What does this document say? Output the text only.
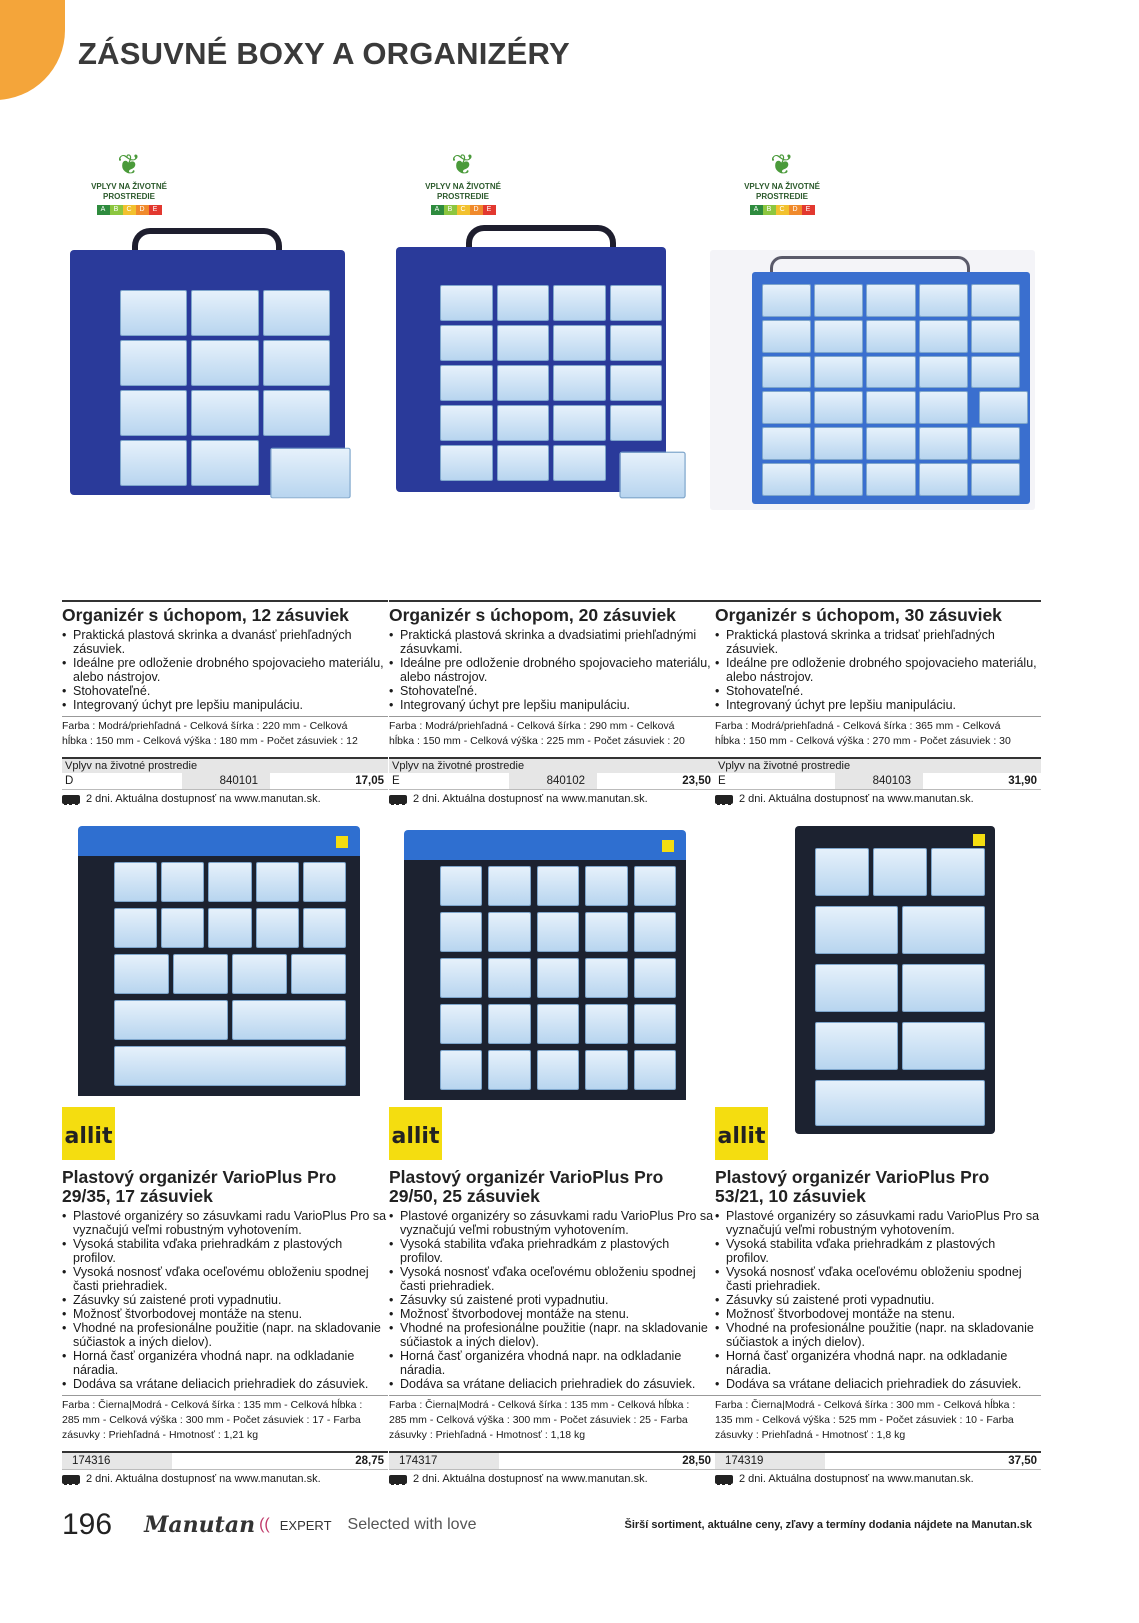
ZÁSUVNÉ BOXY A ORGANIZÉRY
❦
VPLYV NA ŽIVOTNÉ PROSTREDIE
A	B	C	D	E
❦
VPLYV NA ŽIVOTNÉ PROSTREDIE
A	B	C	D	E
❦
VPLYV NA ŽIVOTNÉ PROSTREDIE
A	B	C	D	E
Organizér s úchopom, 12 zásuviek
• Praktická plastová skrinka a dvanásť priehľadných zásuviek.
• Ideálne pre odloženie drobného spojovacieho materiálu, alebo nástrojov.
• Stohovateľné.
• Integrovaný úchyt pre lepšiu manipuláciu.
Farba : Modrá/priehľadná - Celková šírka : 220 mm - Celková
hĺbka : 150 mm - Celková výška : 180 mm - Počet zásuviek : 12
Vplyv na životné prostredie
D	840101	17,05
2 dni. Aktuálna dostupnosť na www.manutan.sk.
Organizér s úchopom, 20 zásuviek
• Praktická plastová skrinka a dvadsiatimi priehľadnými zásuvkami.
• Ideálne pre odloženie drobného spojovacieho materiálu, alebo nástrojov.
• Stohovateľné.
• Integrovaný úchyt pre lepšiu manipuláciu.
Farba : Modrá/priehľadná - Celková šírka : 290 mm - Celková
hĺbka : 150 mm - Celková výška : 225 mm - Počet zásuviek : 20
Vplyv na životné prostredie
E	840102	23,50
2 dni. Aktuálna dostupnosť na www.manutan.sk.
Organizér s úchopom, 30 zásuviek
• Praktická plastová skrinka a tridsať priehľadných zásuviek.
• Ideálne pre odloženie drobného spojovacieho materiálu, alebo nástrojov.
• Stohovateľné.
• Integrovaný úchyt pre lepšiu manipuláciu.
Farba : Modrá/priehľadná - Celková šírka : 365 mm - Celková
hĺbka : 150 mm - Celková výška : 270 mm - Počet zásuviek : 30
Vplyv na životné prostredie
E	840103	31,90
2 dni. Aktuálna dostupnosť na www.manutan.sk.
allit	allit	allit
Plastový organizér VarioPlus Pro
29/35, 17 zásuviek
• Plastové organizéry so zásuvkami radu VarioPlus Pro sa vyznačujú veľmi robustným vyhotovením.
• Vysoká stabilita vďaka priehradkám z plastových profilov.
• Vysoká nosnosť vďaka oceľovému obloženiu spodnej časti priehradiek.
• Zásuvky sú zaistené proti vypadnutiu.
• Možnosť štvorbodovej montáže na stenu.
• Vhodné na profesionálne použitie (napr. na skladovanie súčiastok a iných dielov).
• Horná časť organizéra vhodná napr. na odkladanie náradia.
• Dodáva sa vrátane deliacich priehradiek do zásuviek.
Farba : Čierna|Modrá - Celková šírka : 135 mm - Celková hĺbka :
285 mm - Celková výška : 300 mm - Počet zásuviek : 17 - Farba
zásuvky : Priehľadná - Hmotnosť : 1,21 kg
174316	28,75
2 dni. Aktuálna dostupnosť na www.manutan.sk.
Plastový organizér VarioPlus Pro
29/50, 25 zásuviek
• Plastové organizéry so zásuvkami radu VarioPlus Pro sa vyznačujú veľmi robustným vyhotovením.
• Vysoká stabilita vďaka priehradkám z plastových profilov.
• Vysoká nosnosť vďaka oceľovému obloženiu spodnej časti priehradiek.
• Zásuvky sú zaistené proti vypadnutiu.
• Možnosť štvorbodovej montáže na stenu.
• Vhodné na profesionálne použitie (napr. na skladovanie súčiastok a iných dielov).
• Horná časť organizéra vhodná napr. na odkladanie náradia.
• Dodáva sa vrátane deliacich priehradiek do zásuviek.
Farba : Čierna|Modrá - Celková šírka : 135 mm - Celková hĺbka :
285 mm - Celková výška : 300 mm - Počet zásuviek : 25 - Farba
zásuvky : Priehľadná - Hmotnosť : 1,18 kg
174317	28,50
2 dni. Aktuálna dostupnosť na www.manutan.sk.
Plastový organizér VarioPlus Pro
53/21, 10 zásuviek
• Plastové organizéry so zásuvkami radu VarioPlus Pro sa vyznačujú veľmi robustným vyhotovením.
• Vysoká stabilita vďaka priehradkám z plastových profilov.
• Vysoká nosnosť vďaka oceľovému obloženiu spodnej časti priehradiek.
• Zásuvky sú zaistené proti vypadnutiu.
• Možnosť štvorbodovej montáže na stenu.
• Vhodné na profesionálne použitie (napr. na skladovanie súčiastok a iných dielov).
• Horná časť organizéra vhodná napr. na odkladanie náradia.
• Dodáva sa vrátane deliacich priehradiek do zásuviek.
Farba : Čierna|Modrá - Celková šírka : 300 mm - Celková hĺbka :
135 mm - Celková výška : 525 mm - Počet zásuviek : 10 - Farba
zásuvky : Priehľadná - Hmotnosť : 1,8 kg
174319	37,50
2 dni. Aktuálna dostupnosť na www.manutan.sk.
196 Manutan (( EXPERT Selected with love	Širší sortiment, aktuálne ceny, zľavy a termíny dodania nájdete na Manutan.sk
